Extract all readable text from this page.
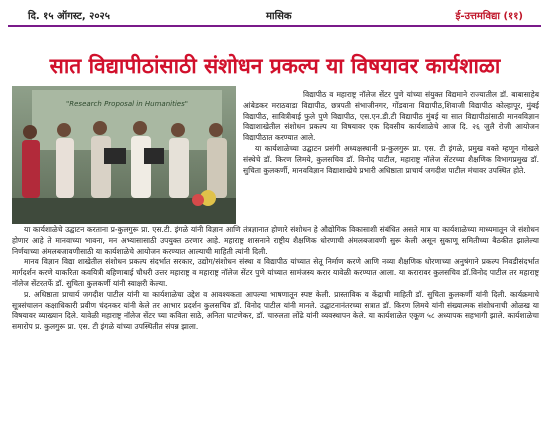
दि. १५ ऑगस्ट, २०२५	मासिक	ई-उत्तमविद्या (११)
सात विद्यापीठांसाठी संशोधन प्रकल्प या विषयावर कार्यशाळा
"Research Proposal in Humanities"

विद्यापीठ व महाराष्ट्र नॉलेज सेंटर पुणे यांच्या संयुक्त विद्यमाने राज्यातील डॉ. बाबासाहेब आंबेडकर मराठवाडा विद्यापीठ, छत्रपती संभाजीनगर, गोंडवाना विद्यापीठ,शिवाजी विद्यापीठ कोल्हापूर, मुंबई विद्यापीठ, सावित्रीबाई फुले पुणे विद्यापीठ, एस.एन.डी.टी विद्यापीठ मुंबई या सात विद्यापीठांसाठी मानवविज्ञान विद्याशाखेतील संशोधन प्रकल्प या विषयावर एक दिवसीय कार्यशाळेचे आज दि. २६ जुलै रोजी आयोजन विद्यापीठात करण्यात आले.

या कार्यशाळेच्या उद्घाटन प्रसंगी अध्यक्षस्थानी प्र-कुलगुरू प्रा. एस. टी इंगळे, प्रमुख वक्ते म्हणून गोखले संस्थेचे डॉ. किरण लिमये, कुलसचिव डॉ. विनोद पाटील, महाराष्ट्र नॉलेज सेंटरच्या शैक्षणिक विभागप्रमुख डॉ. सुचिता कुलकर्णी, मानवविज्ञान विद्याशाखेचे प्रभारी अधिष्ठाता प्राचार्य जगदीश पाटील मंचावर उपस्थित होते.

या कार्यशाळेचे उद्घाटन करताना प्र-कुलगुरू प्रा. एस.टी. इंगळे यांनी विज्ञान आणि तंत्रज्ञानात होणारे संशोधन हे औद्योगिक विकासाशी संबंधित असते मात्र या कार्यशाळेच्या माध्यमातून जे संशोधन होणार आहे ते मानवाच्या भावना, मन अभ्यासासाठी उपयुक्त ठरणार आहे. महाराष्ट्र शासनाने राष्ट्रीय शैक्षणिक धोरणाची अंमलबजावणी सुरू केली असून सुकाणू समितीच्या बैठकीत झालेल्या निर्णयाच्या अंमलबजावणीसाठी या कार्यशाळेचे आयोजन करण्यात आल्याची माहिती त्यांनी दिली.

मानव विज्ञान विद्या शाखेतील संशोधन प्रकल्प संदर्भात सरकार, उद्योग/संशोधन संस्था व विद्यापीठ यांच्यात सेतू निर्माण करणे आणि नव्या शैक्षणिक धोरणाच्या अनुषंगाने प्रकल्प निवडीसंदर्भात मार्गदर्शन करणे याकरिता कवयित्री बहिणाबाई चौधरी उत्तर महाराष्ट्र व महाराष्ट्र नॉलेज सेंटर पुणे यांच्यात सामंजस्य करार यावेळी करण्यात आला. या करारावर कुलसचिव डॉ.विनोद पाटील तर महाराष्ट्र नॉलेज सेंटरतर्फे डॉ. सुचिता कुलकर्णी यांनी स्वाक्षरी केल्या.

प्र. अधिष्ठाता प्राचार्य जगदीश पाटील यांनी या कार्यशाळेचा उद्देश व आवश्यकता आपल्या भाषणातून स्पष्ट केली. प्रास्ताविक व केंद्राची माहिती डॉ. सुचिता कुलकर्णी यांनी दिली. कार्यक्रमाचे सूत्रसंचालन कक्षाधिकारी प्रवीण चंदनकर यांनी केले तर आभार प्रदर्शन कुलसचिव डॉ. विनोद पाटील यांनी मानले. उद्घाटनानंतरच्या सत्रात डॉ. किरण लिमये यांनी संख्यात्मक संशोधनाची ओळख या विषयावर व्याख्यान दिले. यावेळी महाराष्ट्र नॉलेज सेंटर च्या कविता साठे, अनिता घाटणेकर, डॉ. चारुलता लोंढे यांनी व्यवस्थापन केले. या कार्यशाळेत एकूण ५८ अध्यापक सहभागी झाले. कार्यशाळेचा समारोप प्र. कुलगुरू प्रा. एस. टी इंगळे यांच्या उपस्थितीत संपन्न झाला.
